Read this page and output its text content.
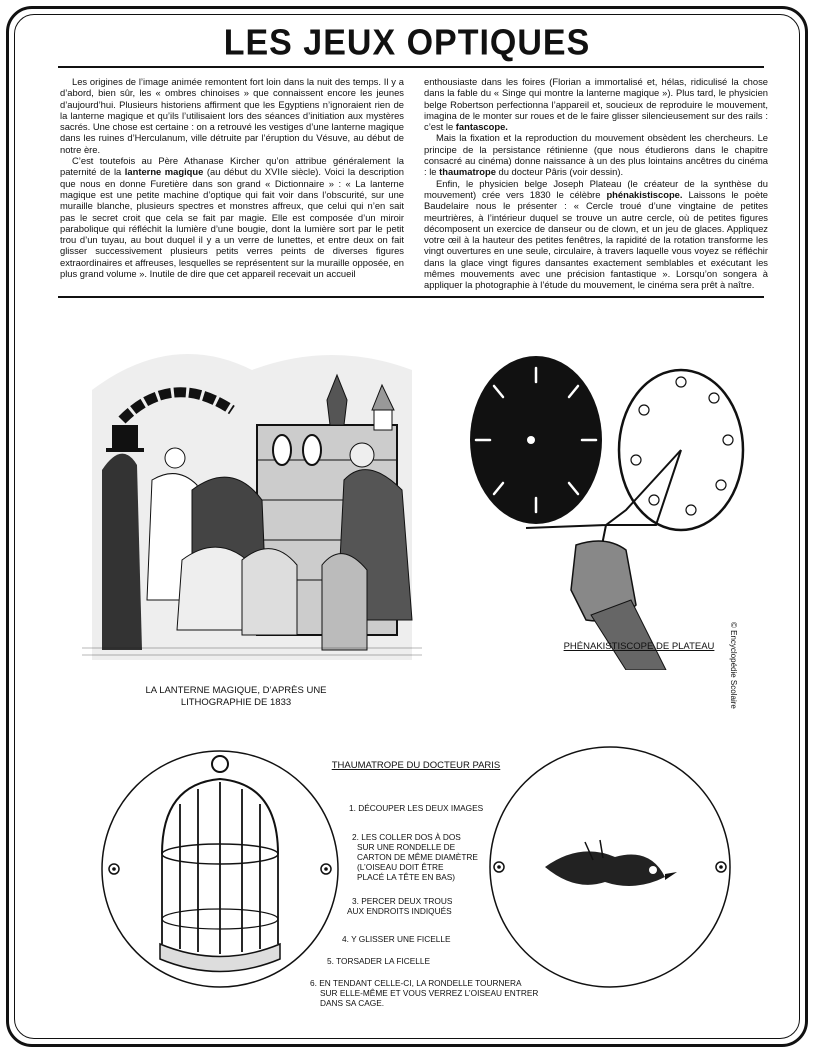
LES JEUX OPTIQUES

Les origines de l’image animée remontent fort loin dans la nuit des temps. Il y a d’abord, bien sûr, les « ombres chinoises » que connaissent encore les jeunes d’aujourd’hui. Plusieurs historiens affirment que les Egyptiens n’ignoraient rien de la lanterne magique et qu’ils l’utilisaient lors des séances d’initiation aux mystères sacrés. Une chose est certaine : on a retrouvé les vestiges d’une lanterne magique dans les ruines d’Herculanum, ville détruite par l’éruption du Vésuve, au début de notre ère.

C’est toutefois au Père Athanase Kircher qu’on attribue généralement la paternité de la lanterne magique (au début du XVIIe siècle). Voici la description que nous en donne Furetière dans son grand « Dictionnaire » : « La lanterne magique est une petite machine d’optique qui fait voir dans l’obscurité, sur une muraille blanche, plusieurs spectres et monstres affreux, que celui qui n’en sait pas le secret croit que cela se fait par magie. Elle est composée d’un miroir parabolique qui réfléchit la lumière d’une bougie, dont la lumière sort par le petit trou d’un tuyau, au bout duquel il y a un verre de lunettes, et entre deux on fait glisser successivement plusieurs petits verres peints de diverses figures extraordinaires et affreuses, lesquelles se représentent sur la muraille opposée, en plus grand volume ». Inutile de dire que cet appareil recevait un accueil

enthousiaste dans les foires (Florian a immortalisé et, hélas, ridiculisé la chose dans la fable du « Singe qui montre la lanterne magique »). Plus tard, le physicien belge Robertson perfectionna l’appareil et, soucieux de reproduire le mouvement, imagina de le monter sur roues et de le faire glisser silencieusement sur des rails : c’est le fantascope.

Mais la fixation et la reproduction du mouvement obsèdent les chercheurs. Le principe de la persistance rétinienne (que nous étudierons dans le chapitre consacré au cinéma) donne naissance à un des plus lointains ancêtres du cinéma : le thaumatrope du docteur Pâris (voir dessin).

Enfin, le physicien belge Joseph Plateau (le créateur de la synthèse du mouvement) crée vers 1830 le célèbre phénakistiscope. Laissons le poète Baudelaire nous le présenter : « Cercle troué d’une vingtaine de petites meurtrières, à l’intérieur duquel se trouve un autre cercle, où de petites figures décomposent un exercice de danseur ou de clown, et un jeu de glaces. Appliquez votre œil à la hauteur des petites fenêtres, la rapidité de la rotation transforme les vingt ouvertures en une seule, circulaire, à travers laquelle vous voyez se réfléchir dans la glace vingt figures dansantes exactement semblables et exécutant les mêmes mouvements avec une précision fantastique ». Lorsqu’on songera à appliquer la photographie à l’étude du mouvement, le cinéma sera prêt à naître.

LA LANTERNE MAGIQUE, D’APRÈS UNE
LITHOGRAPHIE DE 1833
PHÉNAKISTISCOPE DE PLATEAU	© Encyclopédie Scolaire
THAUMATROPE DU DOCTEUR PARIS
1. DÉCOUPER LES DEUX IMAGES
2. LES COLLER DOS À DOS
SUR UNE RONDELLE DE
CARTON DE MÊME DIAMÈTRE
(L’OISEAU DOIT ÊTRE
PLACÉ LA TÊTE EN BAS)
3. PERCER DEUX TROUS
AUX ENDROITS INDIQUÉS
4. Y GLISSER UNE FICELLE
5. TORSADER LA FICELLE
6. EN TENDANT CELLE-CI, LA RONDELLE TOURNERA
SUR ELLE-MÊME ET VOUS VERREZ L’OISEAU ENTRER
DANS SA CAGE.
